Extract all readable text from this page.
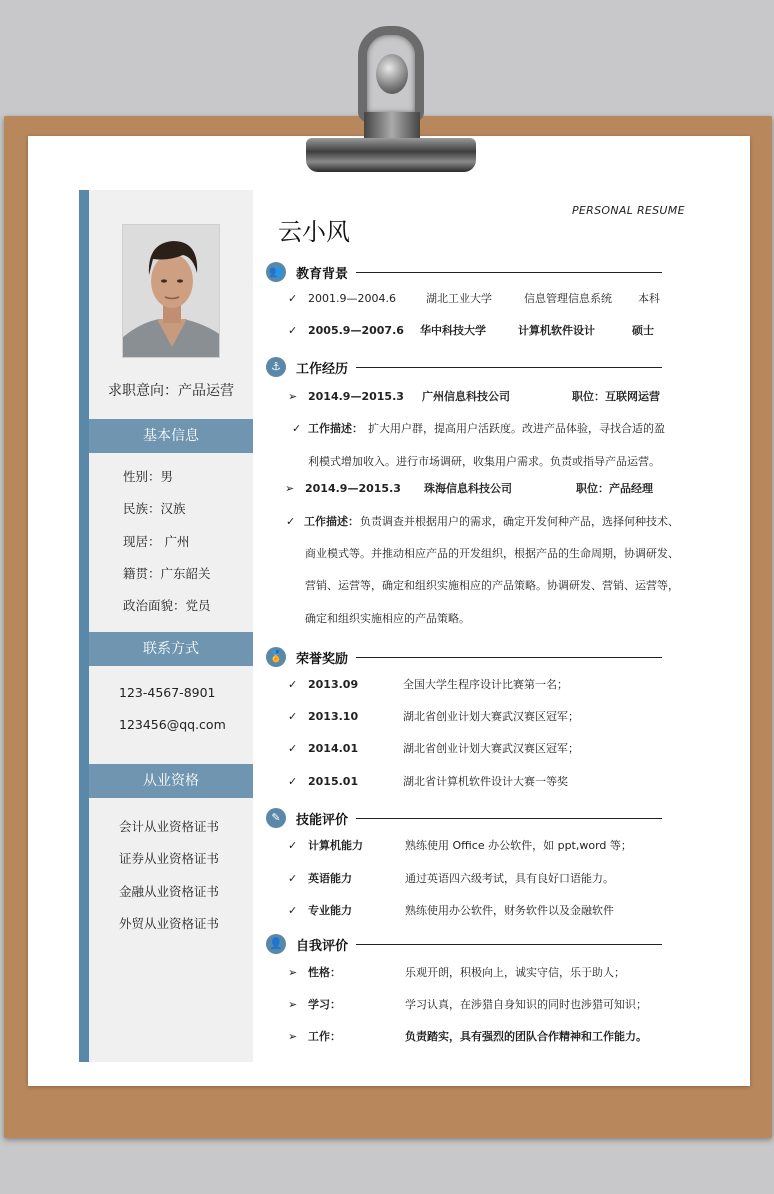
求职意向：产品运营
基本信息
性别：男
民族：汉族
现居： 广州
籍贯：广东韶关
政治面貌：党员
联系方式
123-4567-8901
123456@qq.com
从业资格
会计从业资格证书
证券从业资格证书
金融从业资格证书
外贸从业资格证书
云小风
PERSONAL RESUME
👥 教育背景
✓ 2001.9—2004.6	湖北工业大学	信息管理信息系统 本科
✓ 2005.9—2007.6 华中科技大学	计算机软件设计	硕士
⚓	工作经历
➢ 2014.9—2015.3 广州信息科技公司	职位：互联网运营
✓ 工作描述： 扩大用户群，提高用户活跃度。改进产品体验，寻找合适的盈
利模式增加收入。进行市场调研，收集用户需求。负责或指导产品运营。
➢ 2014.9—2015.3 珠海信息科技公司	职位：产品经理
✓ 工作描述： 负责调查并根据用户的需求，确定开发何种产品，选择何种技术、
商业模式等。并推动相应产品的开发组织，根据产品的生命周期，协调研发、
营销、运营等，确定和组织实施相应的产品策略。协调研发、营销、运营等，
确定和组织实施相应的产品策略。
🏅 荣誉奖励
✓ 2013.09	全国大学生程序设计比赛第一名；
✓ 2013.10	湖北省创业计划大赛武汉赛区冠军；
✓ 2014.01	湖北省创业计划大赛武汉赛区冠军；
✓ 2015.01	湖北省计算机软件设计大赛一等奖
✎	技能评价
✓ 计算机能力	熟练使用 Office 办公软件，如 ppt,word 等；
✓ 英语能力	通过英语四六级考试，具有良好口语能力。
✓ 专业能力	熟练使用办公软件，财务软件以及金融软件
👤 自我评价
➢ 性格：	乐观开朗，积极向上，诚实守信，乐于助人；
➢ 学习：	学习认真，在涉猎自身知识的同时也涉猎可知识；
➢ 工作：	负责踏实，具有强烈的团队合作精神和工作能力。
